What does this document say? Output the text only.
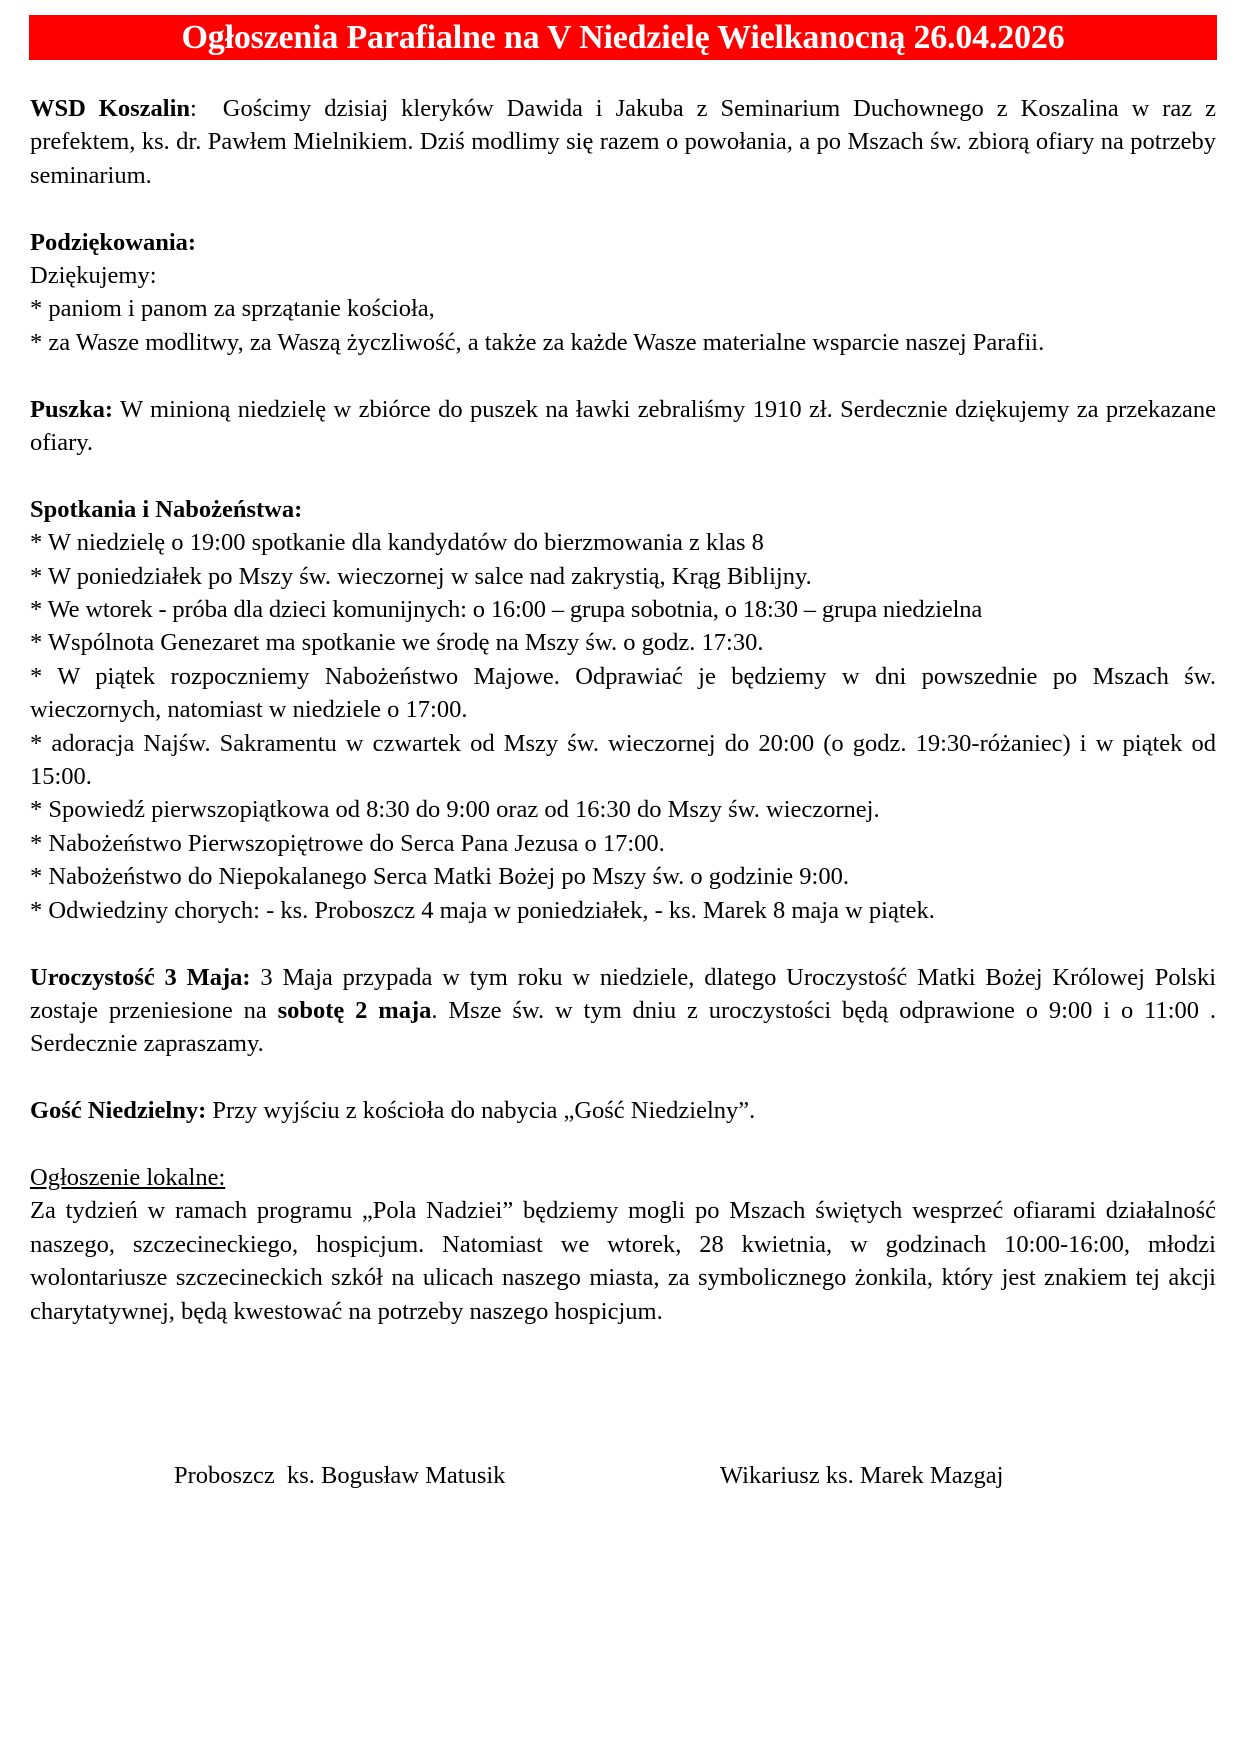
Ogłoszenia Parafialne na V Niedzielę Wielkanocną 26.04.2026

WSD Koszalin:  Gościmy dzisiaj kleryków Dawida i Jakuba z Seminarium Duchownego z Koszalina w raz z prefektem, ks. dr. Pawłem Mielnikiem. Dziś modlimy się razem o powołania, a po Mszach św. zbiorą ofiary na potrzeby seminarium.

Podziękowania:
Dziękujemy:
* paniom i panom za sprzątanie kościoła,
* za Wasze modlitwy, za Waszą życzliwość, a także za każde Wasze materialne wsparcie naszej Parafii.

Puszka: W minioną niedzielę w zbiórce do puszek na ławki zebraliśmy 1910 zł. Serdecznie dziękujemy za przekazane ofiary.

Spotkania i Nabożeństwa:
* W niedzielę o 19:00 spotkanie dla kandydatów do bierzmowania z klas 8
* W poniedziałek po Mszy św. wieczornej w salce nad zakrystią, Krąg Biblijny.
* We wtorek - próba dla dzieci komunijnych: o 16:00 – grupa sobotnia, o 18:30 – grupa niedzielna
* Wspólnota Genezaret ma spotkanie we środę na Mszy św. o godz. 17:30.
* W piątek rozpoczniemy Nabożeństwo Majowe. Odprawiać je będziemy w dni powszednie po Mszach św. wieczornych, natomiast w niedziele o 17:00.
* adoracja Najśw. Sakramentu w czwartek od Mszy św. wieczornej do 20:00 (o godz. 19:30-różaniec) i w piątek od 15:00.
* Spowiedź pierwszopiątkowa od 8:30 do 9:00 oraz od 16:30 do Mszy św. wieczornej.
* Nabożeństwo Pierwszopiętrowe do Serca Pana Jezusa o 17:00.
* Nabożeństwo do Niepokalanego Serca Matki Bożej po Mszy św. o godzinie 9:00.
* Odwiedziny chorych: - ks. Proboszcz 4 maja w poniedziałek, - ks. Marek 8 maja w piątek.

Uroczystość 3 Maja: 3 Maja przypada w tym roku w niedziele, dlatego Uroczystość Matki Bożej Królowej Polski zostaje przeniesione na sobotę 2 maja. Msze św. w tym dniu z uroczystości będą odprawione o 9:00 i o 11:00 . Serdecznie zapraszamy.

Gość Niedzielny: Przy wyjściu z kościoła do nabycia „Gość Niedzielny”.

Ogłoszenie lokalne:
Za tydzień w ramach programu „Pola Nadziei” będziemy mogli po Mszach świętych wesprzeć ofiarami działalność naszego, szczecineckiego, hospicjum. Natomiast we wtorek, 28 kwietnia, w godzinach 10:00-16:00, młodzi wolontariusze szczecineckich szkół na ulicach naszego miasta, za symbolicznego żonkila, który jest znakiem tej akcji charytatywnej, będą kwestować na potrzeby naszego hospicjum.
Proboszcz  ks. Bogusław Matusik	Wikariusz ks. Marek Mazgaj
